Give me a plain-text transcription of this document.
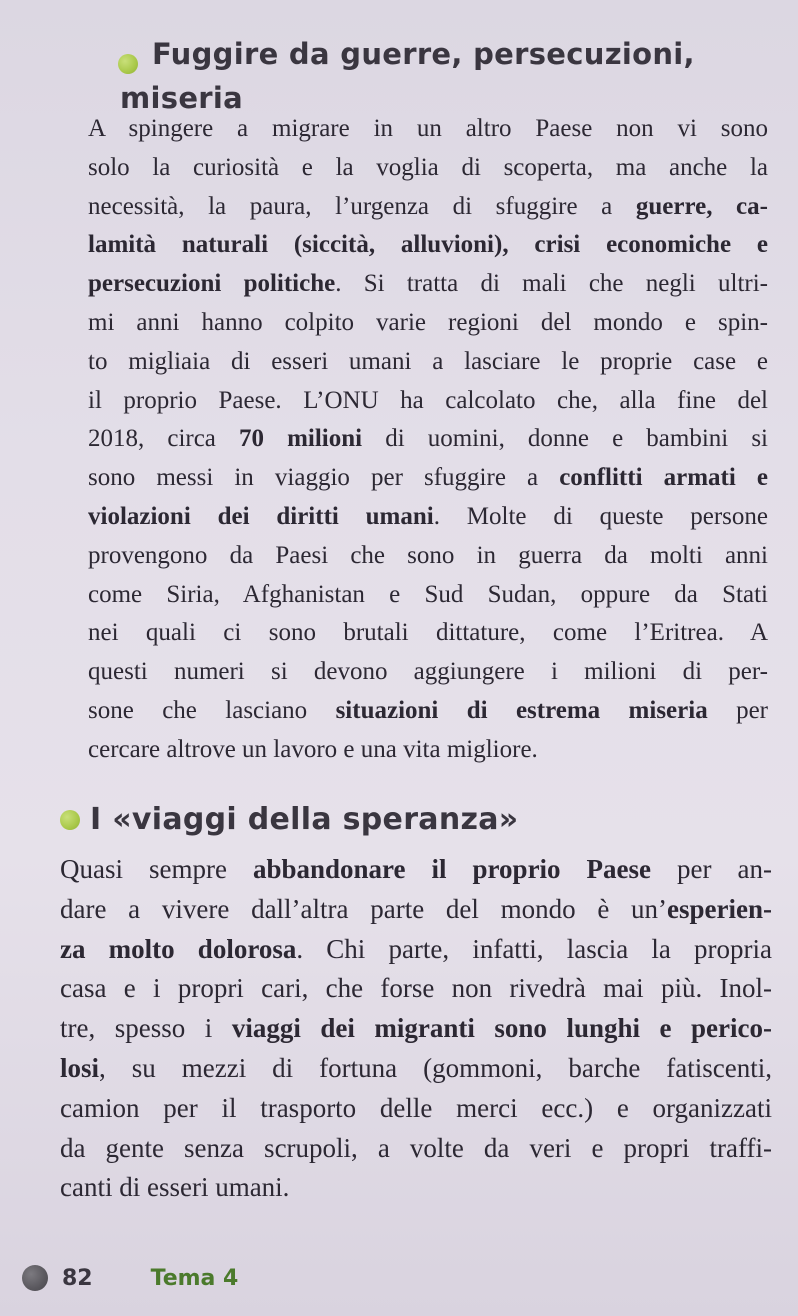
Fuggire da guerre, persecuzioni,
miseria

A spingere a migrare in un altro Paese non vi sono
solo la curiosità e la voglia di scoperta, ma anche la
necessità, la paura, l’urgenza di sfuggire a guerre, ca-
lamità naturali (siccità, alluvioni), crisi economiche e
persecuzioni politiche. Si tratta di mali che negli ultri-
mi anni hanno colpito varie regioni del mondo e spin-
to migliaia di esseri umani a lasciare le proprie case e
il proprio Paese. L’ONU ha calcolato che, alla fine del
2018, circa 70 milioni di uomini, donne e bambini si
sono messi in viaggio per sfuggire a conflitti armati e
violazioni dei diritti umani. Molte di queste persone
provengono da Paesi che sono in guerra da molti anni
come Siria, Afghanistan e Sud Sudan, oppure da Stati
nei quali ci sono brutali dittature, come l’Eritrea. A
questi numeri si devono aggiungere i milioni di per-
sone che lasciano situazioni di estrema miseria per
cercare altrove un lavoro e una vita migliore.

I «viaggi della speranza»

Quasi sempre abbandonare il proprio Paese per an-
dare a vivere dall’altra parte del mondo è un’esperien-
za molto dolorosa. Chi parte, infatti, lascia la propria
casa e i propri cari, che forse non rivedrà mai più. Inol-
tre, spesso i viaggi dei migranti sono lunghi e perico-
losi, su mezzi di fortuna (gommoni, barche fatiscenti,
camion per il trasporto delle merci ecc.) e organizzati
da gente senza scrupoli, a volte da veri e propri traffi-
canti di esseri umani.

82	Tema 4
